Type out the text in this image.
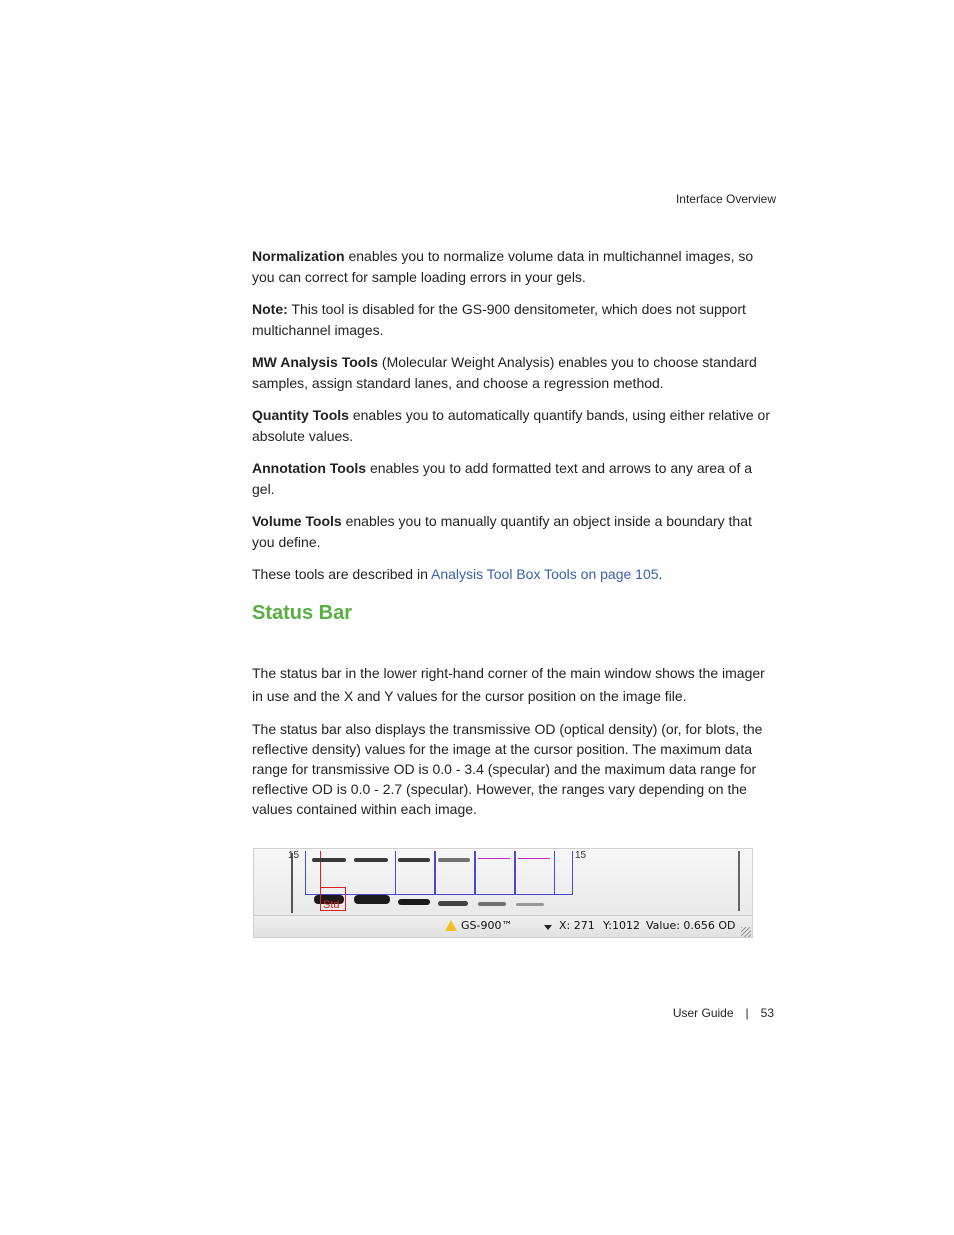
Interface Overview

Normalization enables you to normalize volume data in multichannel images, so you can correct for sample loading errors in your gels.

Note: This tool is disabled for the GS-900 densitometer, which does not support multichannel images.

MW Analysis Tools (Molecular Weight Analysis) enables you to choose standard samples, assign standard lanes, and choose a regression method.

Quantity Tools enables you to automatically quantify bands, using either relative or absolute values.

Annotation Tools enables you to add formatted text and arrows to any area of a gel.

Volume Tools enables you to manually quantify an object inside a boundary that you define.

These tools are described in Analysis Tool Box Tools on page 105.

Status Bar

The status bar in the lower right-hand corner of the main window shows the imager in use and the X and Y values for the cursor position on the image file.

The status bar also displays the transmissive OD (optical density) (or, for blots, the reflective density) values for the image at the cursor position. The maximum data range for transmissive OD is 0.0 - 3.4 (specular) and the maximum data range for reflective OD is 0.0 - 2.7 (specular). However, the ranges vary depending on the values contained within each image.

15	15
Std
GS-900™	X: 271 Y:1012 Value: 0.656 OD
User Guide | 53
